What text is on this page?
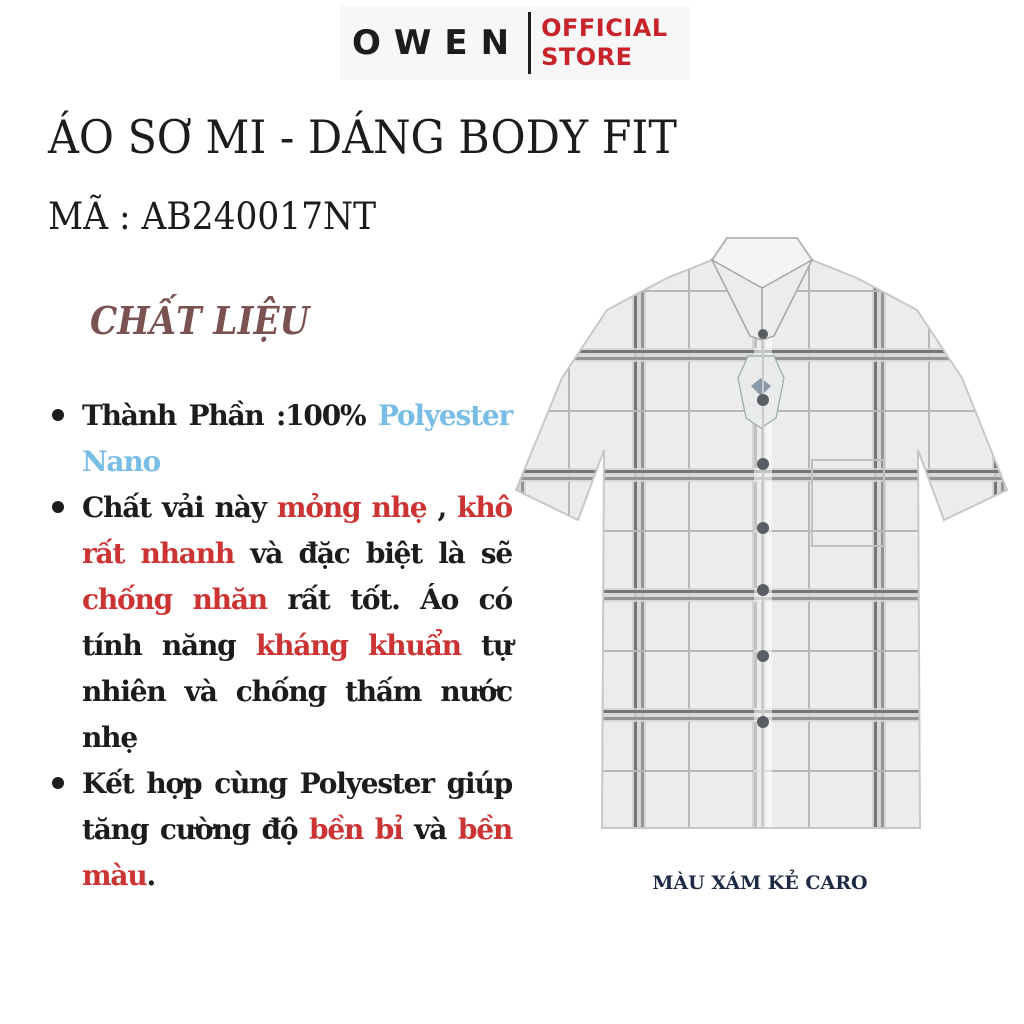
OWEN OFFICIAL
STORE
ÁO SƠ MI - DÁNG BODY FIT
MÃ : AB240017NT
CHẤT LIỆU
Thành Phần :100% Polyester Nano
Chất vải này mỏng nhẹ , khô rất nhanh và đặc biệt là sẽ chống nhăn rất tốt. Áo có tính năng kháng khuẩn tự nhiên và chống thấm nước nhẹ
Kết hợp cùng Polyester giúp tăng cường độ bền bỉ và bền màu.	MÀU XÁM KẺ CARO
